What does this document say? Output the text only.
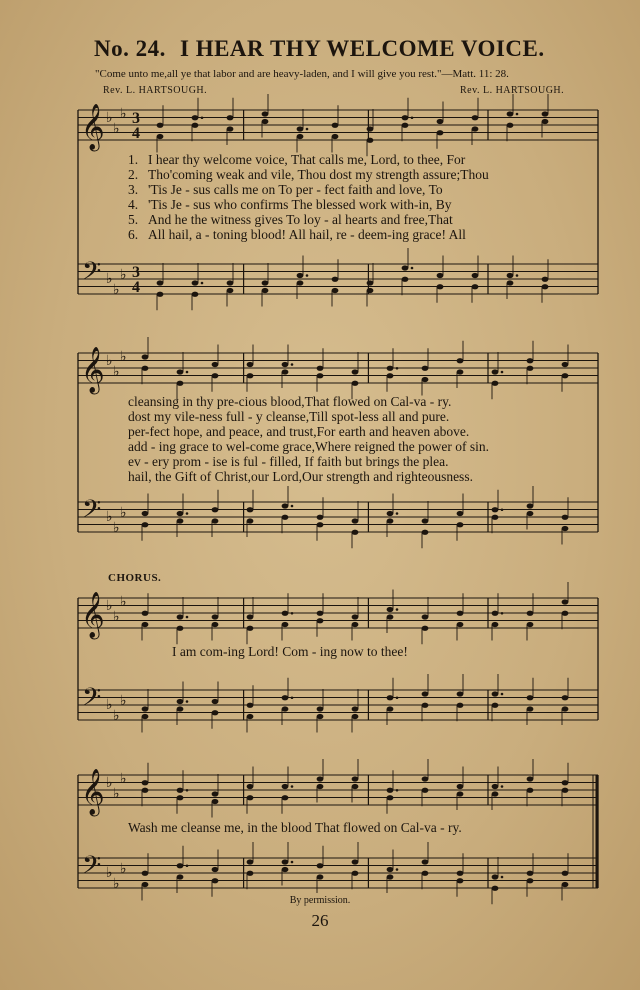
No. 24. I HEAR THY WELCOME VOICE.
"Come unto me,all ye that labor and are heavy-laden, and I will give you rest."—Matt. 11: 28.
Rev. L. HARTSOUGH.	Rev. L. HARTSOUGH.
𝄞
𝄢
♭
♭
♭
♭
♭
♭
3
4
3
4
𝄞
𝄢
♭
♭
♭
♭
♭
♭
𝄞
𝄢
♭
♭
♭
♭
♭
♭
𝄞
𝄢
♭
♭
♭
♭
♭
♭
1. I hear thy welcome voice, That calls me, Lord, to thee, For
2. Tho'coming weak and vile, Thou dost my strength assure;Thou
3. 'Tis Je - sus calls me on To per - fect faith and love, To
4. 'Tis Je - sus who confirms The blessed work with-in, By
5. And he the witness gives To loy - al hearts and free,That
6. All hail, a - toning blood! All hail, re - deem-ing grace! All
cleansing in thy pre-cious blood,That flowed on Cal-va - ry.
dost my vile-ness full - y cleanse,Till spot-less all and pure.
per-fect hope, and peace, and trust,For earth and heaven above.
add - ing grace to wel-come grace,Where reigned the power of sin.
ev - ery prom - ise is ful - filled, If faith but brings the plea.
hail, the Gift of Christ,our Lord,Our strength and righteousness.
CHORUS.
I am com-ing Lord! Com - ing now to thee!
Wash me cleanse me, in the blood That flowed on Cal-va - ry.
By permission.
26
